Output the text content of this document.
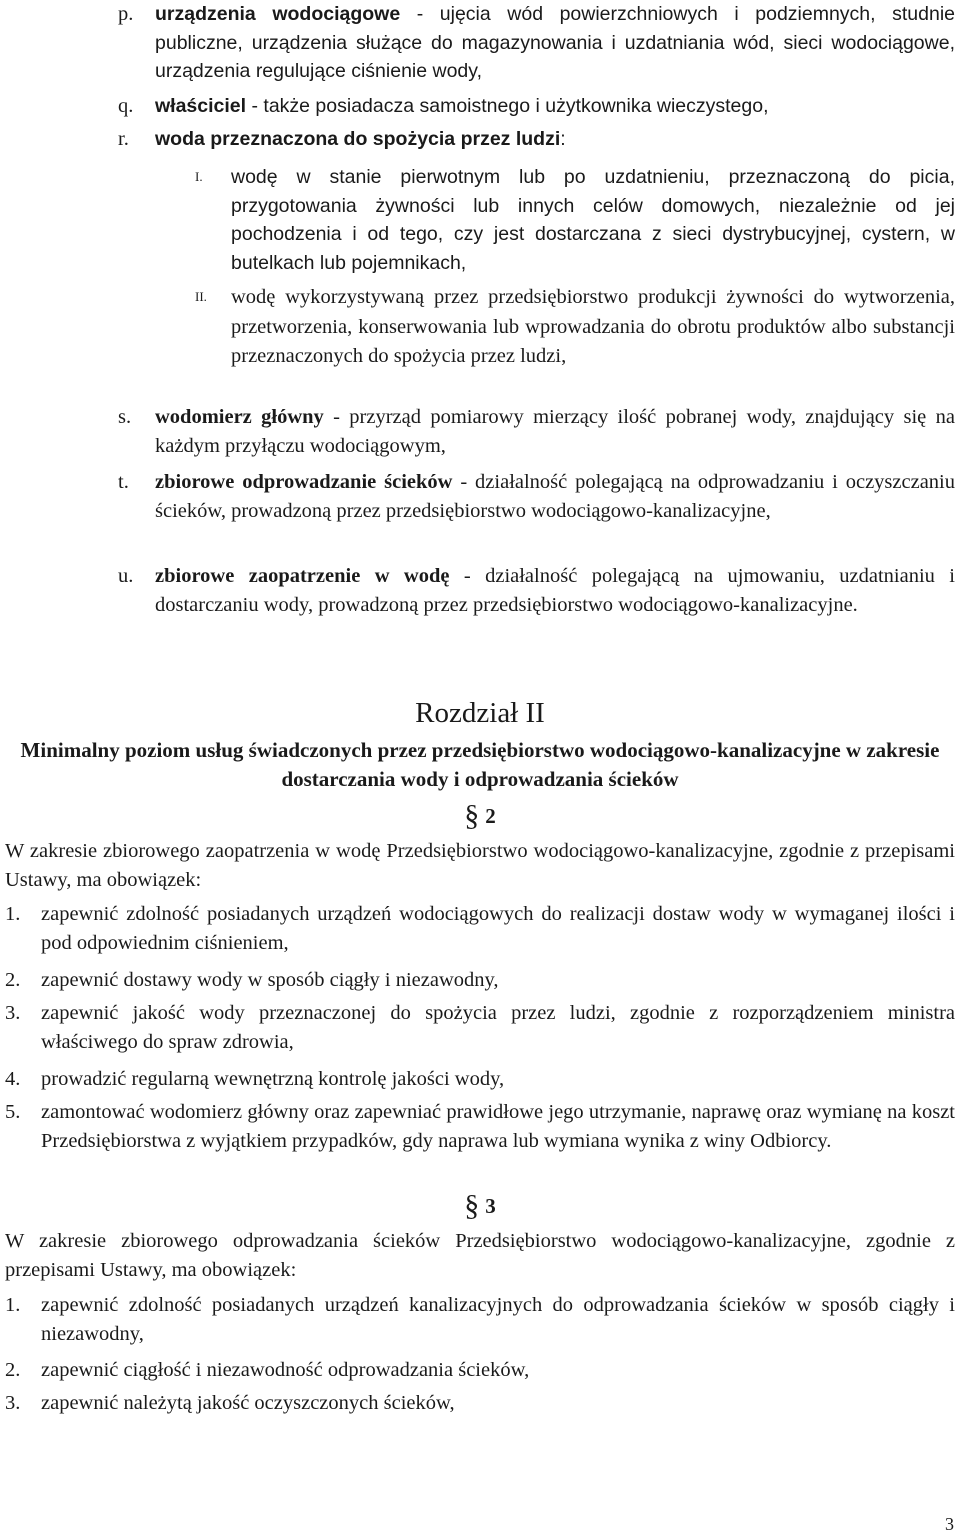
p. urządzenia wodociągowe - ujęcia wód powierzchniowych i podziemnych, studnie publiczne, urządzenia służące do magazynowania i uzdatniania wód, sieci wodociągowe, urządzenia regulujące ciśnienie wody,
q. właściciel - także posiadacza samoistnego i użytkownika wieczystego,
r. woda przeznaczona do spożycia przez ludzi:
I. wodę w stanie pierwotnym lub po uzdatnieniu, przeznaczoną do picia, przygotowania żywności lub innych celów domowych, niezależnie od jej pochodzenia i od tego, czy jest dostarczana z sieci dystrybucyjnej, cystern, w butelkach lub pojemnikach,
II. wodę wykorzystywaną przez przedsiębiorstwo produkcji żywności do wytworzenia, przetworzenia, konserwowania lub wprowadzania do obrotu produktów albo substancji przeznaczonych do spożycia przez ludzi,
s. wodomierz główny - przyrząd pomiarowy mierzący ilość pobranej wody, znajdujący się na każdym przyłączu wodociągowym,
t. zbiorowe odprowadzanie ścieków - działalność polegającą na odprowadzaniu i oczyszczaniu ścieków, prowadzoną przez przedsiębiorstwo wodociągowo-kanalizacyjne,
u. zbiorowe zaopatrzenie w wodę - działalność polegającą na ujmowaniu, uzdatnianiu i dostarczaniu wody, prowadzoną przez przedsiębiorstwo wodociągowo-kanalizacyjne.
Rozdział II
Minimalny poziom usług świadczonych przez przedsiębiorstwo wodociągowo-kanalizacyjne w zakresie dostarczania wody i odprowadzania ścieków
§ 2
W zakresie zbiorowego zaopatrzenia w wodę Przedsiębiorstwo wodociągowo-kanalizacyjne, zgodnie z przepisami Ustawy, ma obowiązek:
1. zapewnić zdolność posiadanych urządzeń wodociągowych do realizacji dostaw wody w wymaganej ilości i pod odpowiednim ciśnieniem,
2. zapewnić dostawy wody w sposób ciągły i niezawodny,
3. zapewnić jakość wody przeznaczonej do spożycia przez ludzi, zgodnie z rozporządzeniem ministra właściwego do spraw zdrowia,
4. prowadzić regularną wewnętrzną kontrolę jakości wody,
5. zamontować wodomierz główny oraz zapewniać prawidłowe jego utrzymanie, naprawę oraz wymianę na koszt Przedsiębiorstwa z wyjątkiem przypadków, gdy naprawa lub wymiana wynika z winy Odbiorcy.
§ 3
W zakresie zbiorowego odprowadzania ścieków Przedsiębiorstwo wodociągowo-kanalizacyjne, zgodnie z przepisami Ustawy, ma obowiązek:
1. zapewnić zdolność posiadanych urządzeń kanalizacyjnych do odprowadzania ścieków w sposób ciągły i niezawodny,
2. zapewnić ciągłość i niezawodność odprowadzania ścieków,
3. zapewnić należytą jakość oczyszczonych ścieków,
3
